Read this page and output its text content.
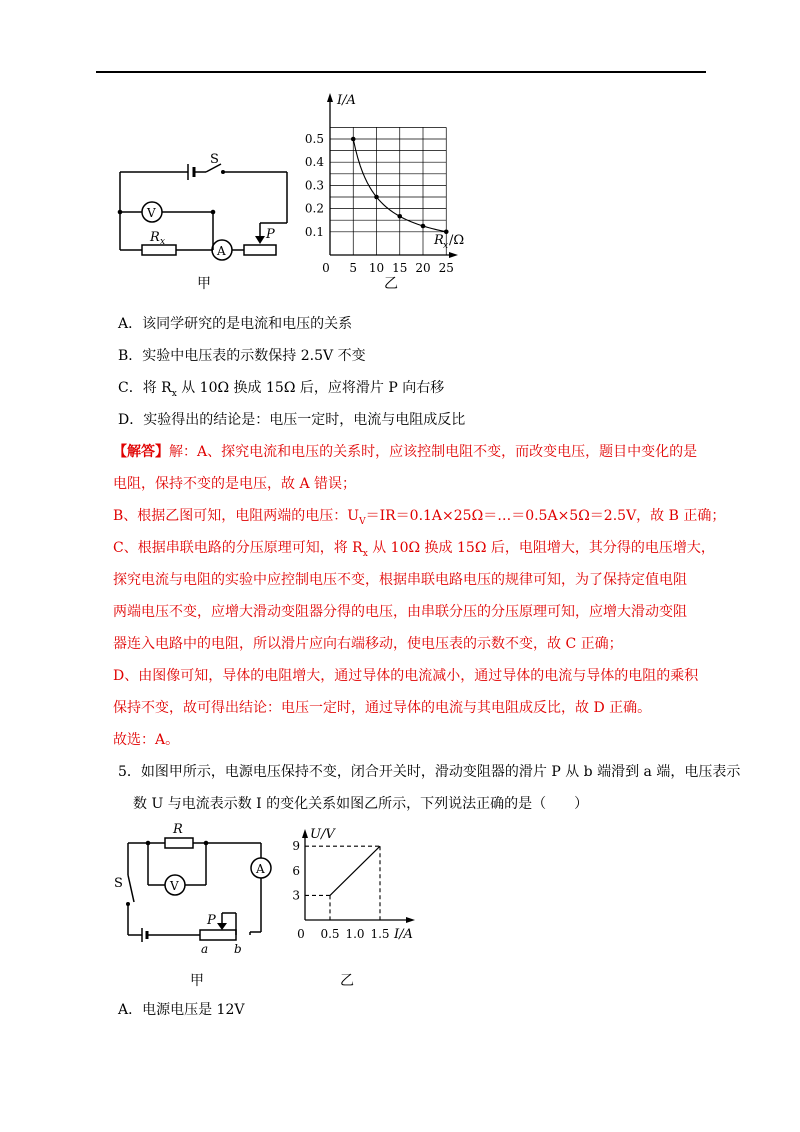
S
V
A
R x	P
甲
0.5
0.4
0.3
0.2
0.1
0 5 10 15 20 25
I/A
R x /Ω
乙
A．该同学研究的是电流和电压的关系
B．实验中电压表的示数保持 2.5V 不变
C．将 $R_x$ 从 10Ω 换成 15Ω 后，应将滑片 P 向右移
D．实验得出的结论是：电压一定时，电流与电阻成反比
【解答】解：A、探究电流和电压的关系时，应该控制电阻不变，而改变电压，题目中变化的是
电阻，保持不变的是电压，故 A 错误；
B、根据乙图可知，电阻两端的电压：$U_V=IR=0.1A\times 25\Omega=\dots=0.5A\times 5\Omega=2.5V$，故 B 正确；
C、根据串联电路的分压原理可知，将 $R_x$ 从 10Ω 换成 15Ω 后，电阻增大，其分得的电压增大，
探究电流与电阻的实验中应控制电压不变，根据串联电路电压的规律可知，为了保持定值电阻
两端电压不变，应增大滑动变阻器分得的电压，由串联分压的分压原理可知，应增大滑动变阻
器连入电路中的电阻，所以滑片应向右端移动，使电压表的示数不变，故 C 正确；
D、由图像可知，导体的电阻增大，通过导体的电流减小，通过导体的电流与导体的电阻的乘积
保持不变，故可得出结论：电压一定时，通过导体的电流与其电阻成反比，故 D 正确。
故选：A。
5．如图甲所示，电源电压保持不变，闭合开关时，滑动变阻器的滑片 P 从 b 端滑到 a 端，电压表示
数 U 与电流表示数 I 的变化关系如图乙所示，下列说法正确的是（　　）
R
V
A
S
P
a b
甲
9
6
3
0 0.5 1.0 1.5
U/V
I/A
乙
A．电源电压是 12V
